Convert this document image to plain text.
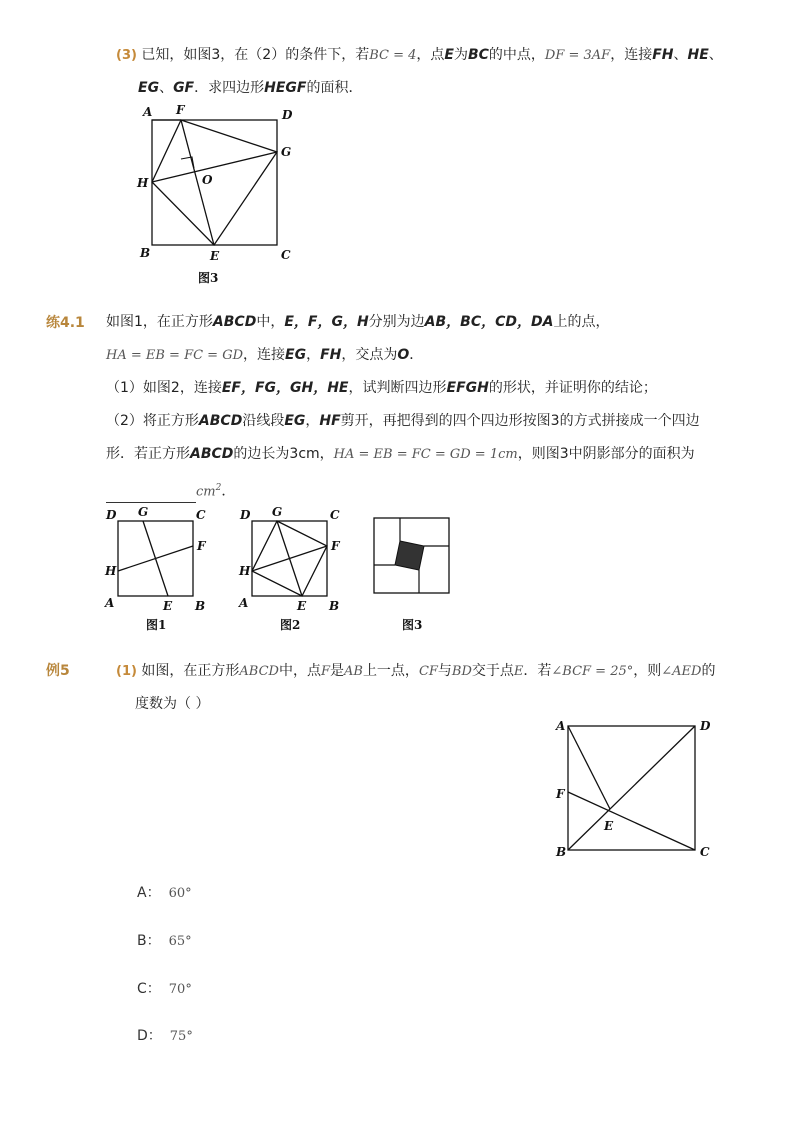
(3) 已知，如图3，在（2）的条件下，若BC = 4，点E为BC的中点，DF = 3AF，连接FH、HE、
EG、GF．求四边形HEGF的面积．
A F	D
G
H	O
B	E	C
图3
练4.1 如图1，在正方形ABCD中，E，F，G，H分别为边AB，BC，CD，DA上的点，
HA = EB = FC = GD，连接EG，FH，交点为O．
（1）如图2，连接EF，FG，GH，HE，试判断四边形EFGH的形状，并证明你的结论；
（2）将正方形ABCD沿线段EG，HF剪开，再把得到的四个四边形按图3的方式拼接成一个四边
形．若正方形ABCD的边长为3cm，HA = EB = FC = GD = 1cm，则图3中阴影部分的面积为
$cm^2$．
D G	C
F
H
A	E B
图1
D G	C
F
H
A	E B
图2	图3
例5	(1) 如图，在正方形ABCD中，点F是AB上一点，CF与BD交于点E．若∠BCF = 25°，则∠AED的
度数为（ ）
A	D
F
E
B	C
A： 60°
B： 65°
C： 70°
D： 75°
